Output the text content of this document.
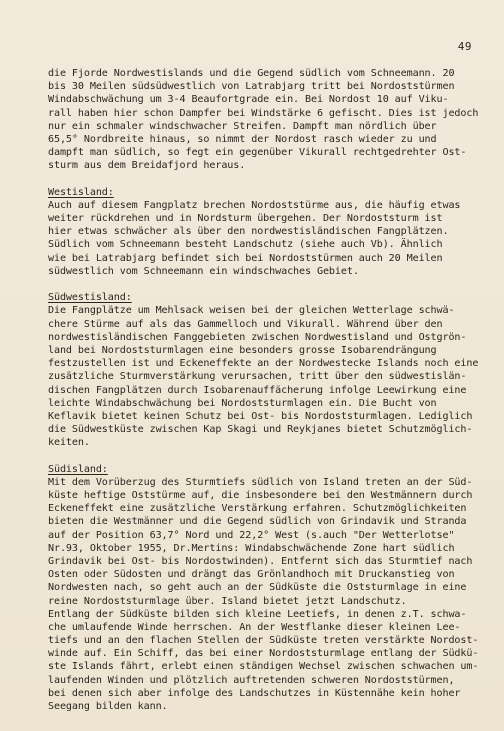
49
die Fjorde Nordwestislands und die Gegend südlich vom Schneemann. 20
bis 30 Meilen südsüdwestlich von Latrabjarg tritt bei Nordoststürmen
Windabschwächung um 3-4 Beaufortgrade ein. Bei Nordost 10 auf Viku-
rall haben hier schon Dampfer bei Windstärke 6 gefischt. Dies ist jedoch
nur ein schmaler windschwacher Streifen. Dampft man nördlich über
65,5° Nordbreite hinaus, so nimmt der Nordost rasch wieder zu und
dampft man südlich, so fegt ein gegenüber Vikurall rechtgedrehter Ost-
sturm aus dem Breidafjord heraus.
Westisland:
Auch auf diesem Fangplatz brechen Nordoststürme aus, die häufig etwas
weiter rückdrehen und in Nordsturm übergehen. Der Nordoststurm ist
hier etwas schwächer als über den nordwestisländischen Fangplätzen.
Südlich vom Schneemann besteht Landschutz (siehe auch Vb). Ähnlich
wie bei Latrabjarg befindet sich bei Nordoststürmen auch 20 Meilen
südwestlich vom Schneemann ein windschwaches Gebiet.
Südwestisland:
Die Fangplätze um Mehlsack weisen bei der gleichen Wetterlage schwä-
chere Stürme auf als das Gammelloch und Vikurall. Während über den
nordwestisländischen Fanggebieten zwischen Nordwestisland und Ostgrön-
land bei Nordoststurmlagen eine besonders grosse Isobarendrängung
festzustellen ist und Eckeneffekte an der Nordwestecke Islands noch eine
zusätzliche Sturmverstärkung verursachen, tritt über den südwestislän-
dischen Fangplätzen durch Isobarenauffächerung infolge Leewirkung eine
leichte Windabschwächung bei Nordoststurmlagen ein. Die Bucht von
Keflavik bietet keinen Schutz bei Ost- bis Nordoststurmlagen. Lediglich
die Südwestküste zwischen Kap Skagi und Reykjanes bietet Schutzmöglich-
keiten.
Südisland:
Mit dem Vorüberzug des Sturmtiefs südlich von Island treten an der Süd-
küste heftige Oststürme auf, die insbesondere bei den Westmännern durch
Eckeneffekt eine zusätzliche Verstärkung erfahren. Schutzmöglichkeiten
bieten die Westmänner und die Gegend südlich von Grindavik und Stranda
auf der Position 63,7° Nord und 22,2° West (s.auch "Der Wetterlotse"
Nr.93, Oktober 1955, Dr.Mertins: Windabschwächende Zone hart südlich
Grindavik bei Ost- bis Nordostwinden). Entfernt sich das Sturmtief nach
Osten oder Südosten und drängt das Grönlandhoch mit Druckanstieg von
Nordwesten nach, so geht auch an der Südküste die Oststurmlage in eine
reine Nordoststurmlage über. Island bietet jetzt Landschutz.
Entlang der Südküste bilden sich kleine Leetiefs, in denen z.T. schwa-
che umlaufende Winde herrschen. An der Westflanke dieser kleinen Lee-
tiefs und an den flachen Stellen der Südküste treten verstärkte Nordost-
winde auf. Ein Schiff, das bei einer Nordoststurmlage entlang der Südkü-
ste Islands fährt, erlebt einen ständigen Wechsel zwischen schwachen um-
laufenden Winden und plötzlich auftretenden schweren Nordoststürmen,
bei denen sich aber infolge des Landschutzes in Küstennähe kein hoher
Seegang bilden kann.
